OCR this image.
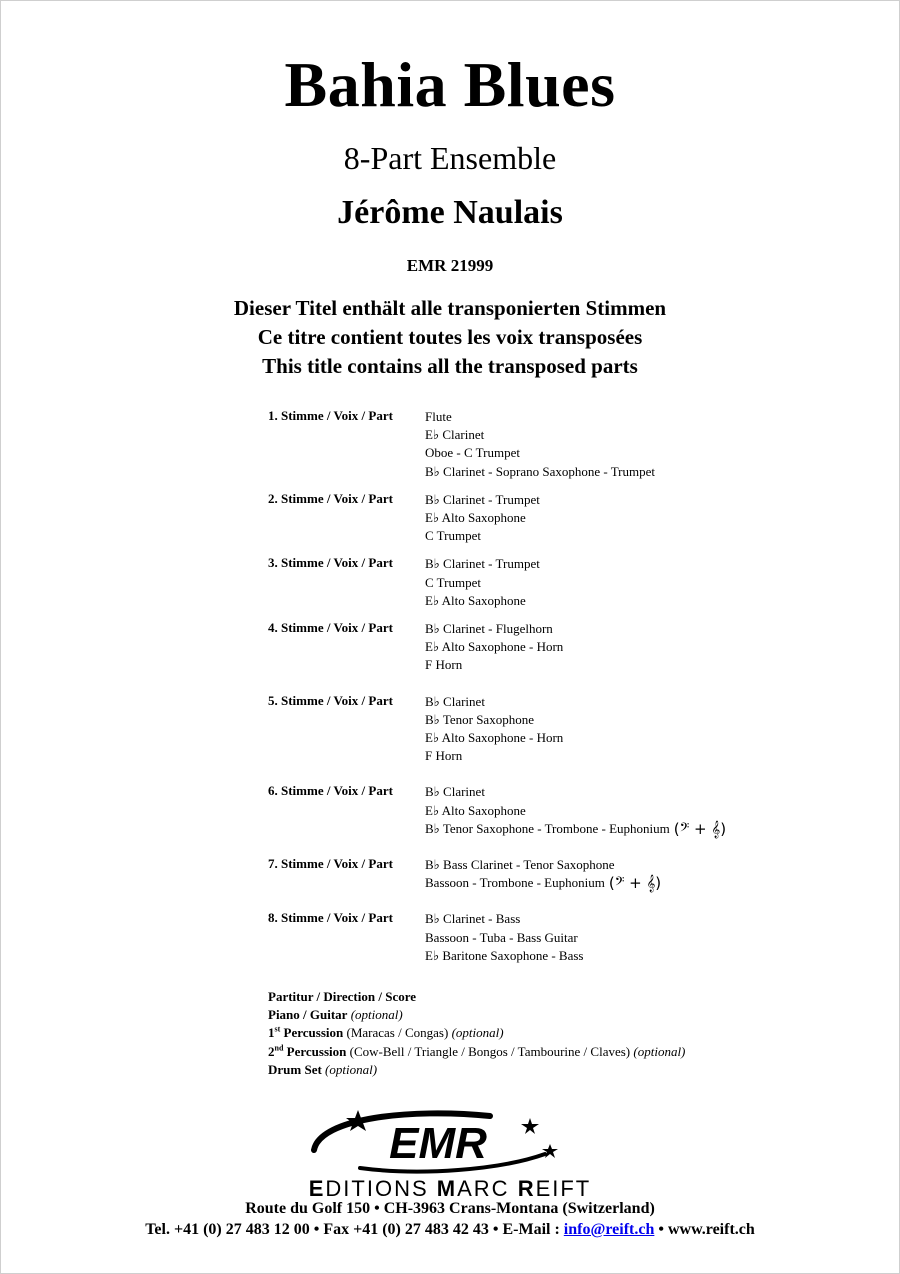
Bahia Blues
8-Part Ensemble
Jérôme Naulais
EMR 21999
Dieser Titel enthält alle transponierten Stimmen
Ce titre contient toutes les voix transposées
This title contains all the transposed parts
1. Stimme / Voix / Part Flute
E♭ Clarinet
Oboe - C Trumpet
B♭ Clarinet - Soprano Saxophone - Trumpet
2. Stimme / Voix / Part B♭ Clarinet - Trumpet
E♭ Alto Saxophone
C Trumpet
3. Stimme / Voix / Part B♭ Clarinet - Trumpet
C Trumpet
E♭ Alto Saxophone
4. Stimme / Voix / Part B♭ Clarinet - Flugelhorn
E♭ Alto Saxophone - Horn
F Horn
5. Stimme / Voix / Part B♭ Clarinet
B♭ Tenor Saxophone
E♭ Alto Saxophone - Horn
F Horn
6. Stimme / Voix / Part B♭ Clarinet
E♭ Alto Saxophone
B♭ Tenor Saxophone - Trombone - Euphonium (𝄢 + 𝄞)
7. Stimme / Voix / Part B♭ Bass Clarinet - Tenor Saxophone
Bassoon - Trombone - Euphonium (𝄢 + 𝄞)
8. Stimme / Voix / Part B♭ Clarinet - Bass
Bassoon - Tuba - Bass Guitar
E♭ Baritone Saxophone - Bass
Partitur / Direction / Score
Piano / Guitar (optional)
1st Percussion (Maracas / Congas) (optional)
2nd Percussion (Cow-Bell / Triangle / Bongos / Tambourine / Claves) (optional)
Drum Set (optional)
EMR
EDITIONS MARC REIFT
Route du Golf 150 • CH-3963 Crans-Montana (Switzerland)
Tel. +41 (0) 27 483 12 00 • Fax +41 (0) 27 483 42 43 • E-Mail : info@reift.ch • www.reift.ch
